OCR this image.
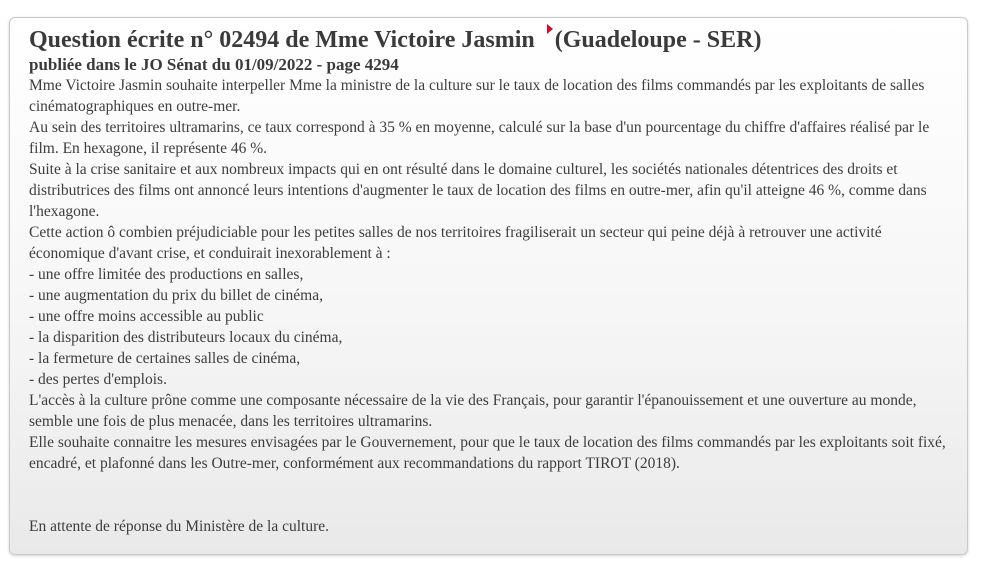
Question écrite n° 02494 de Mme Victoire Jasmin (Guadeloupe - SER)
publiée dans le JO Sénat du 01/09/2022 - page 4294
Mme Victoire Jasmin souhaite interpeller Mme la ministre de la culture sur le taux de location des films commandés par les exploitants de salles cinématographiques en outre-mer.
Au sein des territoires ultramarins, ce taux correspond à 35 % en moyenne, calculé sur la base d'un pourcentage du chiffre d'affaires réalisé par le film. En hexagone, il représente 46 %.
Suite à la crise sanitaire et aux nombreux impacts qui en ont résulté dans le domaine culturel, les sociétés nationales détentrices des droits et distributrices des films ont annoncé leurs intentions d'augmenter le taux de location des films en outre-mer, afin qu'il atteigne 46 %, comme dans l'hexagone.
Cette action ô combien préjudiciable pour les petites salles de nos territoires fragiliserait un secteur qui peine déjà à retrouver une activité économique d'avant crise, et conduirait inexorablement à :
- une offre limitée des productions en salles,
- une augmentation du prix du billet de cinéma,
- une offre moins accessible au public
- la disparition des distributeurs locaux du cinéma,
- la fermeture de certaines salles de cinéma,
- des pertes d'emplois.
L'accès à la culture prône comme une composante nécessaire de la vie des Français, pour garantir l'épanouissement et une ouverture au monde, semble une fois de plus menacée, dans les territoires ultramarins.
Elle souhaite connaitre les mesures envisagées par le Gouvernement, pour que le taux de location des films commandés par les exploitants soit fixé, encadré, et plafonné dans les Outre-mer, conformément aux recommandations du rapport TIROT (2018).
En attente de réponse du Ministère de la culture.
